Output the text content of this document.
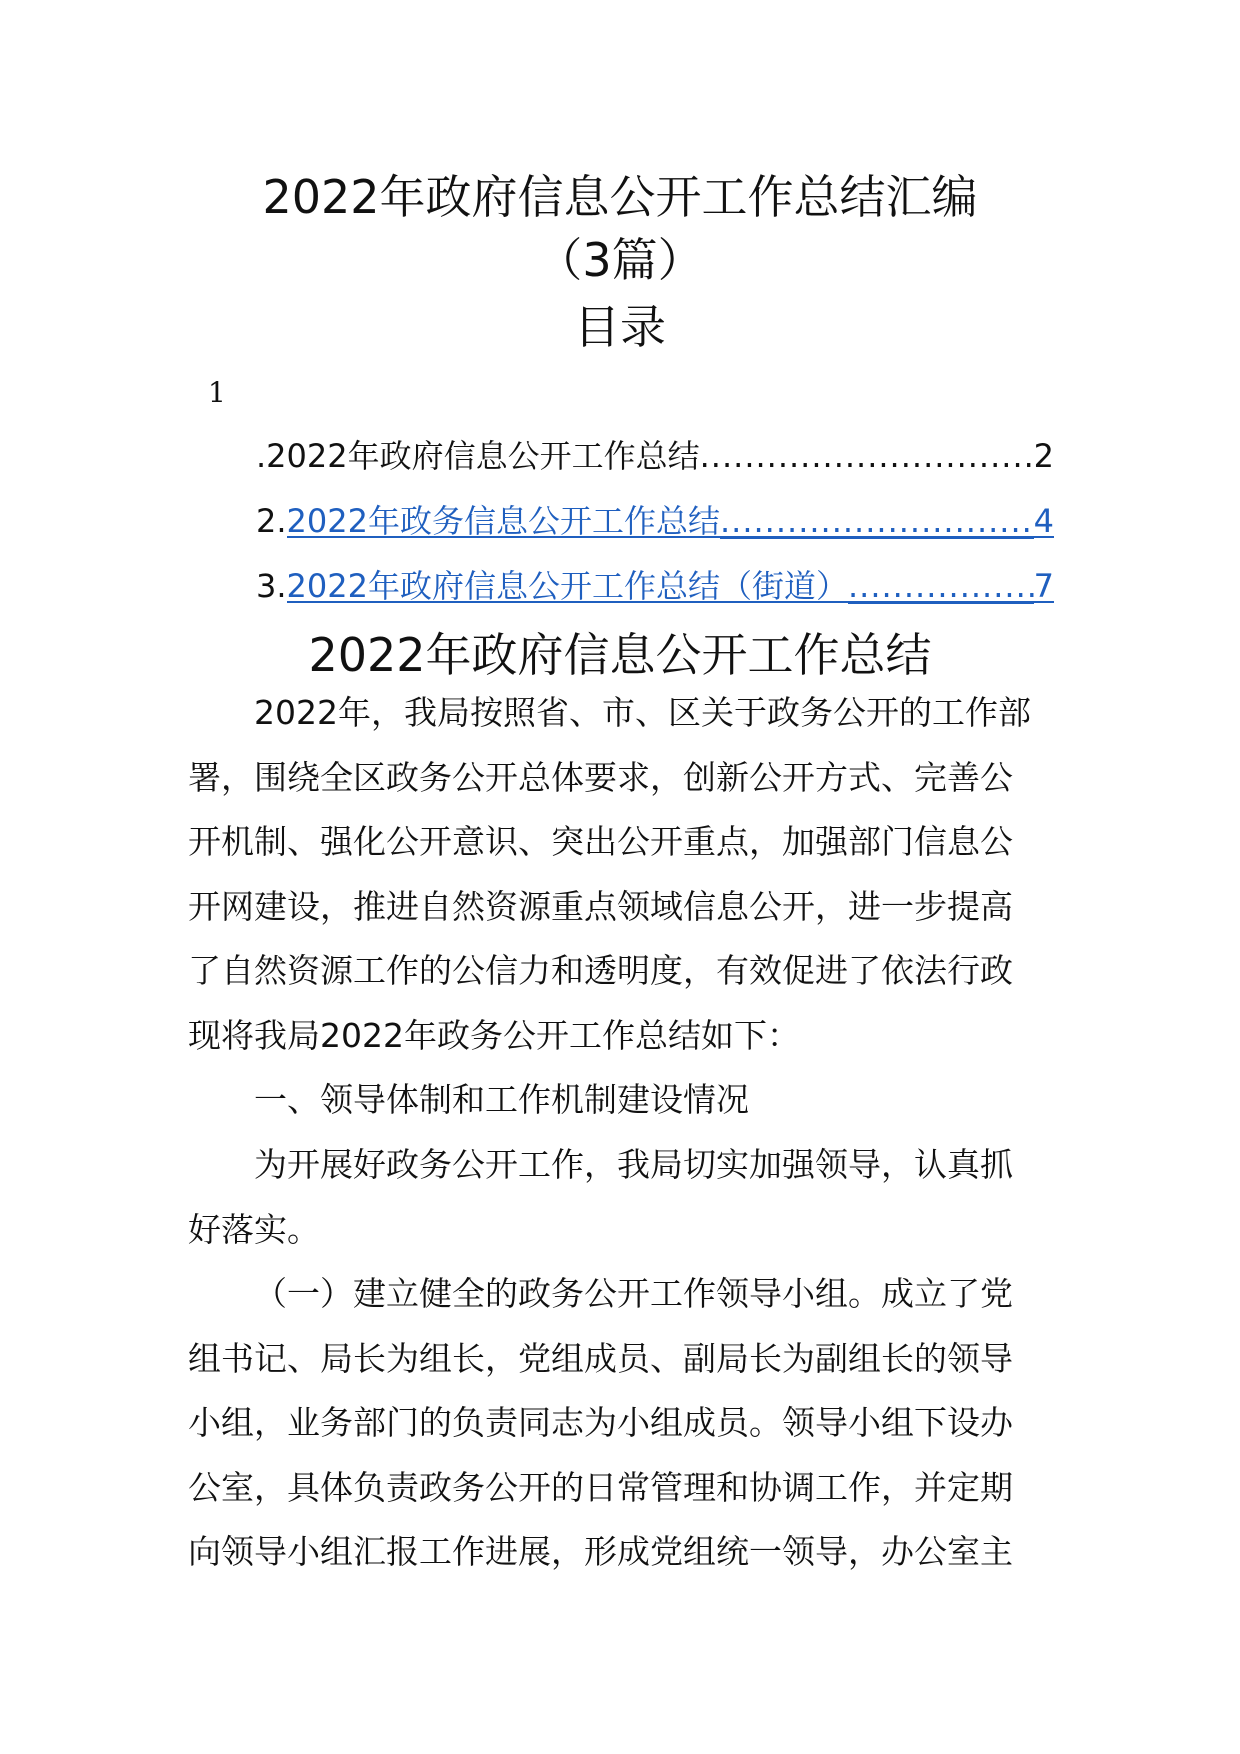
2022年政府信息公开工作总结汇编
（3篇）
目录
1
. 2022年政府信息公开工作总结 .....	2
2. 2022年政务信息公开工作总结 .....	4
3. 2022年政府信息公开工作总结（街道） .....	7
2022年政府信息公开工作总结
2022年，我局按照省、市、区关于政务公开的工作部
署，围绕全区政务公开总体要求，创新公开方式、完善公
开机制、强化公开意识、突出公开重点，加强部门信息公
开网建设，推进自然资源重点领域信息公开，进一步提高
了自然资源工作的公信力和透明度，有效促进了依法行政
现将我局2022年政务公开工作总结如下：
一、领导体制和工作机制建设情况
为开展好政务公开工作，我局切实加强领导，认真抓
好落实。
（一）建立健全的政务公开工作领导小组。成立了党
组书记、局长为组长，党组成员、副局长为副组长的领导
小组，业务部门的负责同志为小组成员。领导小组下设办
公室，具体负责政务公开的日常管理和协调工作，并定期
向领导小组汇报工作进展，形成党组统一领导，办公室主
